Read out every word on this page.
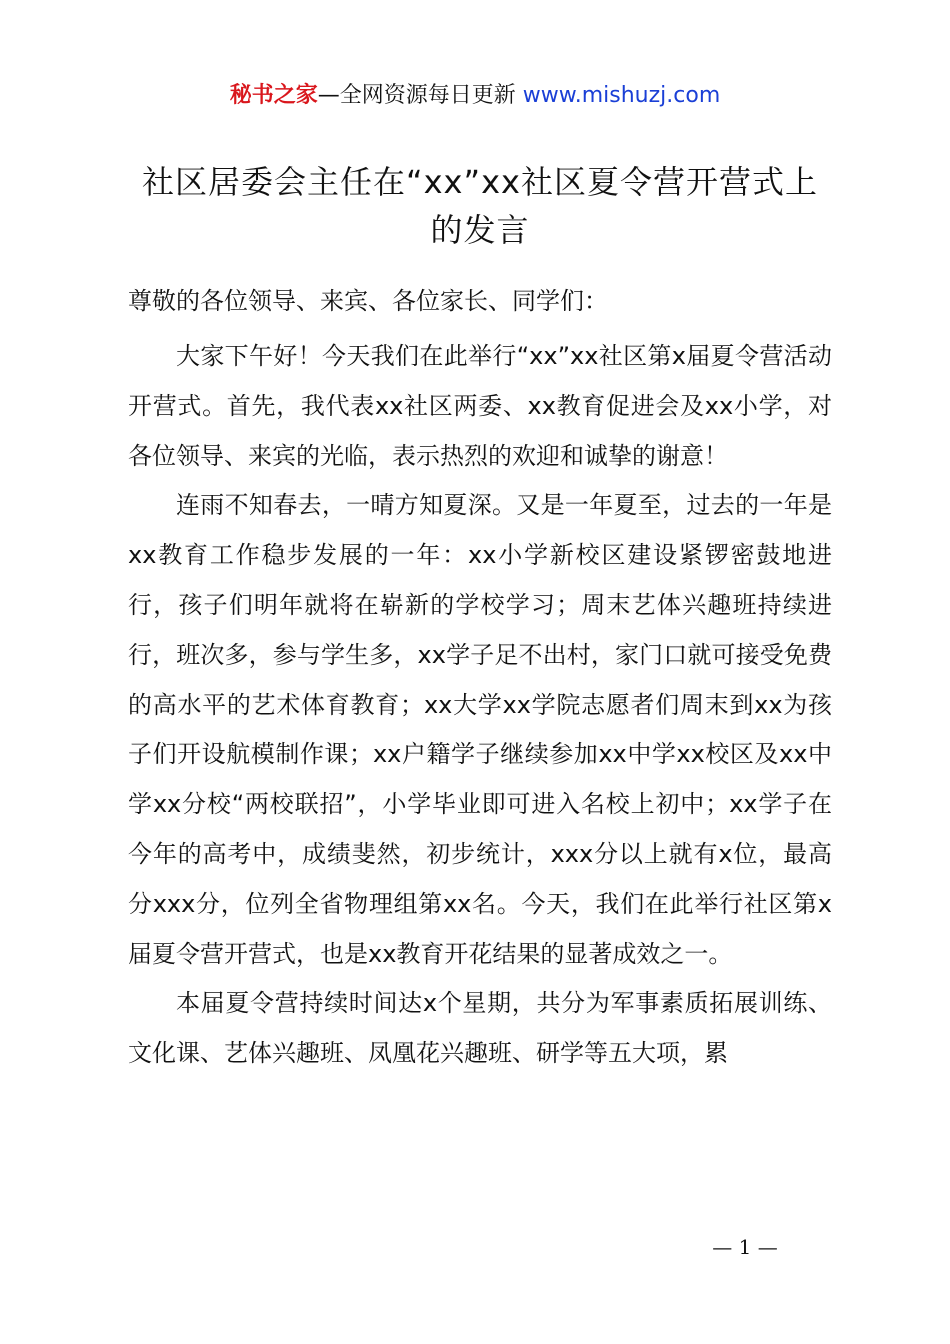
秘书之家—全网资源每日更新 www.mishuzj.com
社区居委会主任在“xx”xx社区夏令营开营式上的发言
尊敬的各位领导、来宾、各位家长、同学们：

大家下午好！今天我们在此举行“xx”xx社区第x届夏令营活动开营式。首先，我代表xx社区两委、xx教育促进会及xx小学，对各位领导、来宾的光临，表示热烈的欢迎和诚挚的谢意！

连雨不知春去，一晴方知夏深。又是一年夏至，过去的一年是xx教育工作稳步发展的一年：xx小学新校区建设紧锣密鼓地进行，孩子们明年就将在崭新的学校学习；周末艺体兴趣班持续进行，班次多，参与学生多，xx学子足不出村，家门口就可接受免费的高水平的艺术体育教育；xx大学xx学院志愿者们周末到xx为孩子们开设航模制作课；xx户籍学子继续参加xx中学xx校区及xx中学xx分校“两校联招”，小学毕业即可进入名校上初中；xx学子在今年的高考中，成绩斐然，初步统计，xxx分以上就有x位，最高分xxx分，位列全省物理组第xx名。今天，我们在此举行社区第x届夏令营开营式，也是xx教育开花结果的显著成效之一。

本届夏令营持续时间达x个星期，共分为军事素质拓展训练、文化课、艺体兴趣班、凤凰花兴趣班、研学等五大项，累

— 1 —
